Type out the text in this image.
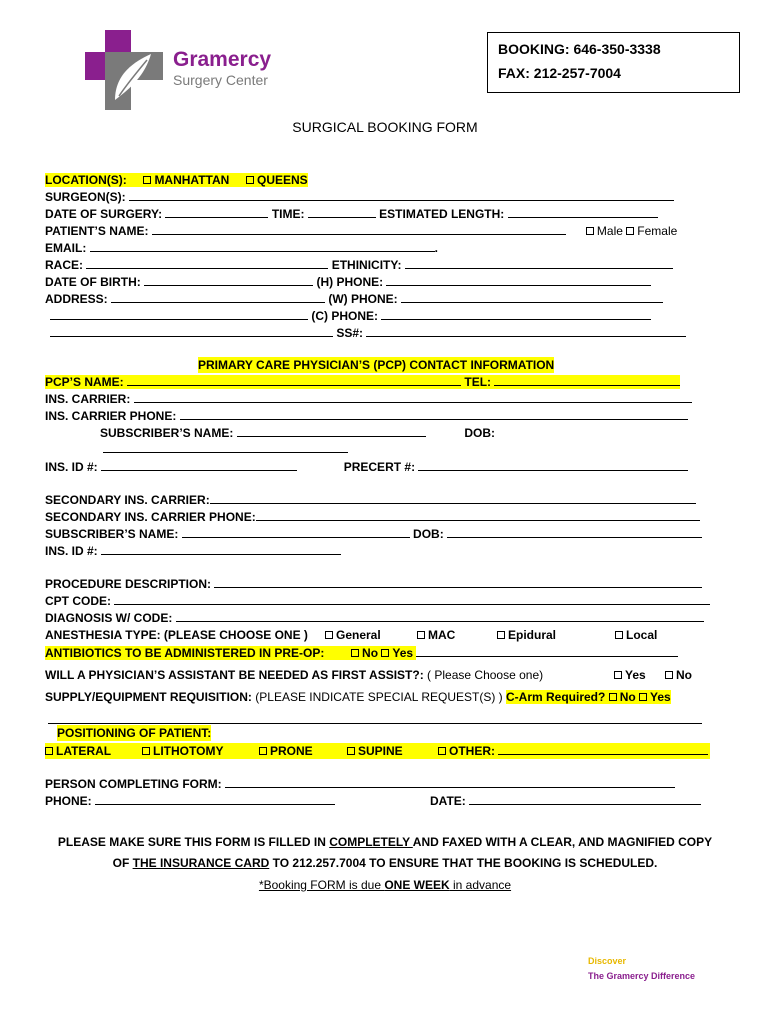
Gramercy
Surgery Center
BOOKING: 646-350-3338
FAX: 212-257-7004
SURGICAL BOOKING FORM
LOCATION(S): MANHATTAN QUEENS
SURGEON(S):
DATE OF SURGERY:	TIME:	ESTIMATED LENGTH:
PATIENT’S NAME:	Male Female
EMAIL:	.
RACE:	ETHINICITY:
DATE OF BIRTH:	(H) PHONE:
ADDRESS:	(W) PHONE:
(C) PHONE:
SS#:
PRIMARY CARE PHYSICIAN’S (PCP) CONTACT INFORMATION
PCP’S NAME:	TEL:
INS. CARRIER:
INS. CARRIER PHONE:
SUBSCRIBER’S NAME:	DOB:
INS. ID #:	PRECERT #:
SECONDARY INS. CARRIER:
SECONDARY INS. CARRIER PHONE:
SUBSCRIBER’S NAME:	DOB:
INS. ID #:
PROCEDURE DESCRIPTION:
CPT CODE:
DIAGNOSIS W/ CODE:
ANESTHESIA TYPE: (PLEASE CHOOSE ONE )	General	MAC	Epidural	Local
ANTIBIOTICS TO BE ADMINISTERED IN PRE-OP:	No Yes
WILL A PHYSICIAN’S ASSISTANT BE NEEDED AS FIRST ASSIST?: ( Please Choose one)	Yes	No
SUPPLY/EQUIPMENT REQUISITION: (PLEASE INDICATE SPECIAL REQUEST(S) ) C-Arm Required? No Yes
POSITIONING OF PATIENT:
LATERAL	LITHOTOMY	PRONE	SUPINE	OTHER:
PERSON COMPLETING FORM:
PHONE:	DATE:
PLEASE MAKE SURE THIS FORM IS FILLED IN COMPLETELY AND FAXED WITH A CLEAR, AND MAGNIFIED COPY
OF THE INSURANCE CARD TO 212.257.7004 TO ENSURE THAT THE BOOKING IS SCHEDULED.
*Booking FORM is due ONE WEEK in advance
Discover
The Gramercy Difference
